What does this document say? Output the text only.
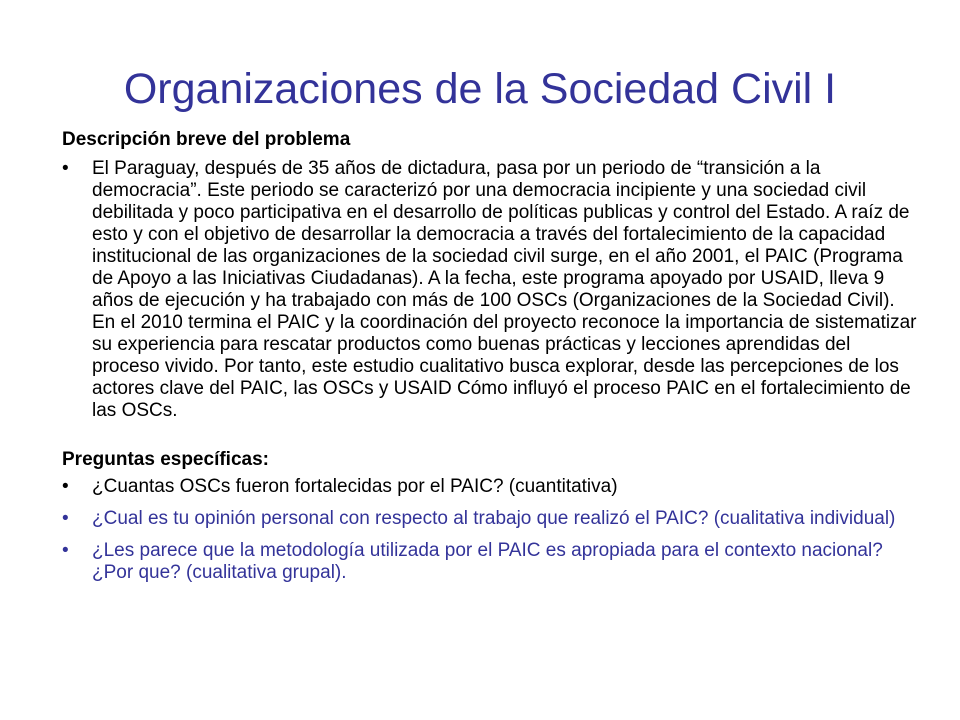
Organizaciones de la Sociedad Civil I

Descripción breve del problema

• El Paraguay, después de 35 años de dictadura, pasa por un periodo de “transición a la democracia”. Este periodo se caracterizó por una democracia incipiente y una sociedad civil debilitada y poco participativa en el desarrollo de políticas publicas y control del Estado. A raíz de esto y con el objetivo de desarrollar la democracia a través del fortalecimiento de la capacidad institucional de las organizaciones de la sociedad civil surge, en el año 2001, el PAIC (Programa de Apoyo a las Iniciativas Ciudadanas). A la fecha, este programa apoyado por USAID, lleva 9 años de ejecución y ha trabajado con más de 100 OSCs (Organizaciones de la Sociedad Civil). En el 2010 termina el PAIC y la coordinación del proyecto reconoce la importancia de sistematizar su experiencia para rescatar productos como buenas prácticas y lecciones aprendidas del proceso vivido. Por tanto, este estudio cualitativo busca explorar, desde las percepciones de los actores clave del PAIC, las OSCs y USAID Cómo influyó el proceso PAIC en el fortalecimiento de las OSCs.

Preguntas específicas:

• ¿Cuantas OSCs fueron fortalecidas por el PAIC? (cuantitativa)
• ¿Cual es tu opinión personal con respecto al trabajo que realizó el PAIC? (cualitativa individual)
• ¿Les parece que la metodología utilizada por el PAIC es apropiada para el contexto nacional? ¿Por que? (cualitativa grupal).
